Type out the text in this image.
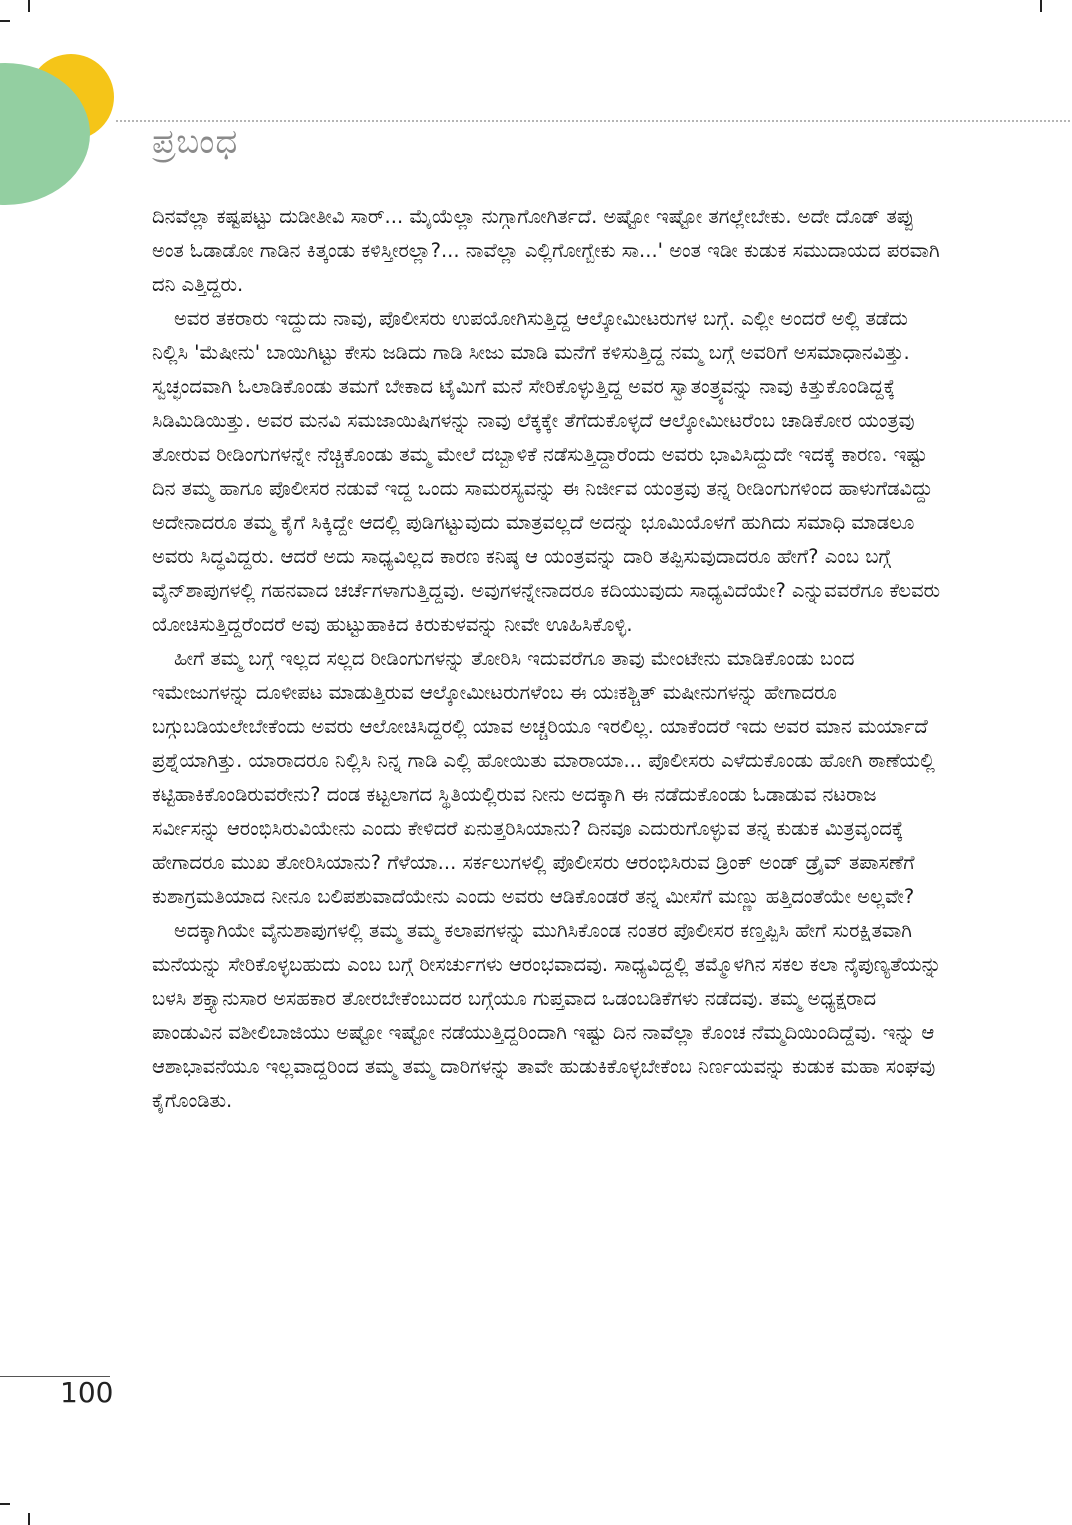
ಪ್ರಬಂಧ

ದಿನವೆಲ್ಲಾ ಕಷ್ಟಪಟ್ಟು ದುಡೀತೀವಿ ಸಾರ್... ಮೈಯೆಲ್ಲಾ ನುಗ್ಗಾಗೋಗಿರ್ತದೆ. ಅಷ್ಟೋ ಇಷ್ಟೋ ತಗಲ್ಲೇಬೇಕು. ಅದೇ ದೊಡ್ ತಪ್ಪು ಅಂತ ಓಡಾಡೋ ಗಾಡಿನ ಕಿತ್ಕಂಡು ಕಳಿಸ್ತೀರಲ್ಲಾ?... ನಾವೆಲ್ಲಾ ಎಲ್ಲಿಗೋಗ್ಬೇಕು ಸಾ...' ಅಂತ ಇಡೀ ಕುಡುಕ ಸಮುದಾಯದ ಪರವಾಗಿ ದನಿ ಎತ್ತಿದ್ದರು.

ಅವರ ತಕರಾರು ಇದ್ದುದು ನಾವು, ಪೊಲೀಸರು ಉಪಯೋಗಿಸುತ್ತಿದ್ದ ಆಲ್ಕೋಮೀಟರುಗಳ ಬಗ್ಗೆ. ಎಲ್ಲೀ ಅಂದರೆ ಅಲ್ಲಿ ತಡೆದು ನಿಲ್ಲಿಸಿ 'ಮೆಷೀನು' ಬಾಯಿಗಿಟ್ಟು ಕೇಸು ಜಡಿದು ಗಾಡಿ ಸೀಜು ಮಾಡಿ ಮನೆಗೆ ಕಳಿಸುತ್ತಿದ್ದ ನಮ್ಮ ಬಗ್ಗೆ ಅವರಿಗೆ ಅಸಮಾಧಾನವಿತ್ತು. ಸ್ವಚ್ಛಂದವಾಗಿ ಓಲಾಡಿಕೊಂಡು ತಮಗೆ ಬೇಕಾದ ಟೈಮಿಗೆ ಮನೆ ಸೇರಿಕೊಳ್ಳುತ್ತಿದ್ದ ಅವರ ಸ್ವಾತಂತ್ರ್ಯವನ್ನು ನಾವು ಕಿತ್ತುಕೊಂಡಿದ್ದಕ್ಕೆ ಸಿಡಿಮಿಡಿಯಿತ್ತು. ಅವರ ಮನವಿ ಸಮಜಾಯಿಷಿಗಳನ್ನು ನಾವು ಲೆಕ್ಕಕ್ಕೇ ತೆಗೆದುಕೊಳ್ಳದೆ ಆಲ್ಕೋಮೀಟರೆಂಬ ಚಾಡಿಕೋರ ಯಂತ್ರವು ತೋರುವ ರೀಡಿಂಗುಗಳನ್ನೇ ನೆಚ್ಚಿಕೊಂಡು ತಮ್ಮ ಮೇಲೆ ದಬ್ಬಾಳಿಕೆ ನಡೆಸುತ್ತಿದ್ದಾರೆಂದು ಅವರು ಭಾವಿಸಿದ್ದುದೇ ಇದಕ್ಕೆ ಕಾರಣ. ಇಷ್ಟು ದಿನ ತಮ್ಮ ಹಾಗೂ ಪೊಲೀಸರ ನಡುವೆ ಇದ್ದ ಒಂದು ಸಾಮರಸ್ಯವನ್ನು ಈ ನಿರ್ಜೀವ ಯಂತ್ರವು ತನ್ನ ರೀಡಿಂಗುಗಳಿಂದ ಹಾಳುಗೆಡವಿದ್ದು ಅದೇನಾದರೂ ತಮ್ಮ ಕೈಗೆ ಸಿಕ್ಕಿದ್ದೇ ಆದಲ್ಲಿ ಪುಡಿಗಟ್ಟುವುದು ಮಾತ್ರವಲ್ಲದೆ ಅದನ್ನು ಭೂಮಿಯೊಳಗೆ ಹುಗಿದು ಸಮಾಧಿ ಮಾಡಲೂ ಅವರು ಸಿದ್ಧವಿದ್ದರು. ಆದರೆ ಅದು ಸಾಧ್ಯವಿಲ್ಲದ ಕಾರಣ ಕನಿಷ್ಠ ಆ ಯಂತ್ರವನ್ನು ದಾರಿ ತಪ್ಪಿಸುವುದಾದರೂ ಹೇಗೆ? ಎಂಬ ಬಗ್ಗೆ ವೈನ್‌ಶಾಪುಗಳಲ್ಲಿ ಗಹನವಾದ ಚರ್ಚೆಗಳಾಗುತ್ತಿದ್ದವು. ಅವುಗಳನ್ನೇನಾದರೂ ಕದಿಯುವುದು ಸಾಧ್ಯವಿದೆಯೇ? ಎನ್ನುವವರೆಗೂ ಕೆಲವರು ಯೋಚಿಸುತ್ತಿದ್ದರೆಂದರೆ ಅವು ಹುಟ್ಟುಹಾಕಿದ ಕಿರುಕುಳವನ್ನು ನೀವೇ ಊಹಿಸಿಕೊಳ್ಳಿ.

ಹೀಗೆ ತಮ್ಮ ಬಗ್ಗೆ ಇಲ್ಲದ ಸಲ್ಲದ ರೀಡಿಂಗುಗಳನ್ನು ತೋರಿಸಿ ಇದುವರೆಗೂ ತಾವು ಮೇಂಟೇನು ಮಾಡಿಕೊಂಡು ಬಂದ ಇಮೇಜುಗಳನ್ನು ದೂಳೀಪಟ ಮಾಡುತ್ತಿರುವ ಆಲ್ಕೋಮೀಟರುಗಳೆಂಬ ಈ ಯಃಕಶ್ಚಿತ್ ಮಷೀನುಗಳನ್ನು ಹೇಗಾದರೂ ಬಗ್ಗುಬಡಿಯಲೇಬೇಕೆಂದು ಅವರು ಆಲೋಚಿಸಿದ್ದರಲ್ಲಿ ಯಾವ ಅಚ್ಚರಿಯೂ ಇರಲಿಲ್ಲ. ಯಾಕೆಂದರೆ ಇದು ಅವರ ಮಾನ ಮರ್ಯಾದೆ ಪ್ರಶ್ನೆಯಾಗಿತ್ತು. ಯಾರಾದರೂ ನಿಲ್ಲಿಸಿ ನಿನ್ನ ಗಾಡಿ ಎಲ್ಲಿ ಹೋಯಿತು ಮಾರಾಯಾ... ಪೊಲೀಸರು ಎಳೆದುಕೊಂಡು ಹೋಗಿ ಠಾಣೆಯಲ್ಲಿ ಕಟ್ಟಿಹಾಕಿಕೊಂಡಿರುವರೇನು? ದಂಡ ಕಟ್ಟಲಾಗದ ಸ್ಥಿತಿಯಲ್ಲಿರುವ ನೀನು ಅದಕ್ಕಾಗಿ ಈ ನಡೆದುಕೊಂಡು ಓಡಾಡುವ ನಟರಾಜ ಸರ್ವೀಸನ್ನು ಆರಂಭಿಸಿರುವಿಯೇನು ಎಂದು ಕೇಳಿದರೆ ಏನುತ್ತರಿಸಿಯಾನು? ದಿನವೂ ಎದುರುಗೊಳ್ಳುವ ತನ್ನ ಕುಡುಕ ಮಿತ್ರವೃಂದಕ್ಕೆ ಹೇಗಾದರೂ ಮುಖ ತೋರಿಸಿಯಾನು? ಗೆಳೆಯಾ... ಸರ್ಕಲುಗಳಲ್ಲಿ ಪೊಲೀಸರು ಆರಂಭಿಸಿರುವ ಡ್ರಿಂಕ್ ಅಂಡ್ ಡ್ರೈವ್ ತಪಾಸಣೆಗೆ ಕುಶಾಗ್ರಮತಿಯಾದ ನೀನೂ ಬಲಿಪಶುವಾದೆಯೇನು ಎಂದು ಅವರು ಆಡಿಕೊಂಡರೆ ತನ್ನ ಮೀಸೆಗೆ ಮಣ್ಣು ಹತ್ತಿದಂತೆಯೇ ಅಲ್ಲವೇ?

ಅದಕ್ಕಾಗಿಯೇ ವೈನುಶಾಪುಗಳಲ್ಲಿ ತಮ್ಮ ತಮ್ಮ ಕಲಾಪಗಳನ್ನು ಮುಗಿಸಿಕೊಂಡ ನಂತರ ಪೊಲೀಸರ ಕಣ್ತಪ್ಪಿಸಿ ಹೇಗೆ ಸುರಕ್ಷಿತವಾಗಿ ಮನೆಯನ್ನು ಸೇರಿಕೊಳ್ಳಬಹುದು ಎಂಬ ಬಗ್ಗೆ ರೀಸರ್ಚುಗಳು ಆರಂಭವಾದವು. ಸಾಧ್ಯವಿದ್ದಲ್ಲಿ ತಮ್ಮೊಳಗಿನ ಸಕಲ ಕಲಾ ನೈಪುಣ್ಯತೆಯನ್ನು ಬಳಸಿ ಶಕ್ತ್ಯಾನುಸಾರ ಅಸಹಕಾರ ತೋರಬೇಕೆಂಬುದರ ಬಗ್ಗೆಯೂ ಗುಪ್ತವಾದ ಒಡಂಬಡಿಕೆಗಳು ನಡೆದವು. ತಮ್ಮ ಅಧ್ಯಕ್ಷರಾದ ಪಾಂಡುವಿನ ವಶೀಲಿಬಾಜಿಯು ಅಷ್ಟೋ ಇಷ್ಟೋ ನಡೆಯುತ್ತಿದ್ದರಿಂದಾಗಿ ಇಷ್ಟು ದಿನ ನಾವೆಲ್ಲಾ ಕೊಂಚ ನೆಮ್ಮದಿಯಿಂದಿದ್ದೆವು. ಇನ್ನು ಆ ಆಶಾಭಾವನೆಯೂ ಇಲ್ಲವಾದ್ದರಿಂದ ತಮ್ಮ ತಮ್ಮ ದಾರಿಗಳನ್ನು ತಾವೇ ಹುಡುಕಿಕೊಳ್ಳಬೇಕೆಂಬ ನಿರ್ಣಯವನ್ನು ಕುಡುಕ ಮಹಾ ಸಂಘವು ಕೈಗೊಂಡಿತು.

100
